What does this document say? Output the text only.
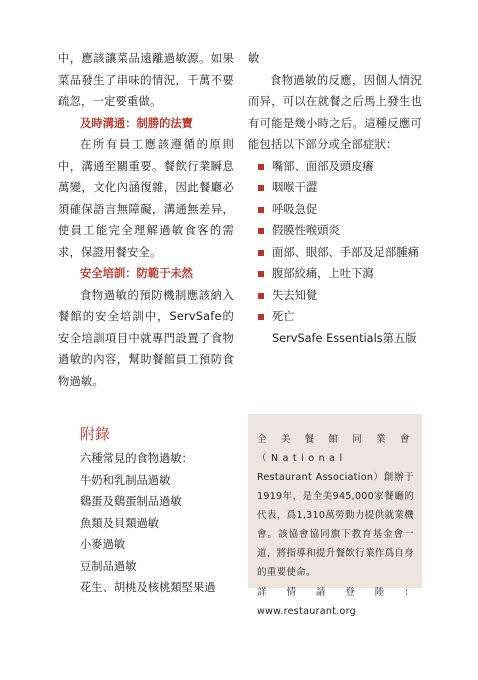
中，應該讓菜品遠離過敏源。如果菜品發生了串味的情況，千萬不要疏忽，一定要重做。

及時溝通：制勝的法寶

在所有員工應該遵循的原則中，溝通至關重要。餐飲行業瞬息萬變，文化內涵復雜，因此餐廳必須確保語言無障礙，溝通無差异，使員工能完全理解過敏食客的需求，保證用餐安全。

安全培訓：防範于未然

食物過敏的預防機制應該納入餐館的安全培訓中，ServSafe的安全培訓項目中就專門設置了食物過敏的內容，幫助餐館員工預防食物過敏。

敏

食物過敏的反應，因個人情況而异，可以在就餐之后馬上發生也有可能是幾小時之后。這種反應可能包括以下部分或全部症狀：

嘴部、面部及頭皮癢
咽喉干澀
呼吸急促
假膜性喉頭炎
面部、眼部、手部及足部腫痛
腹部絞痛，上吐下瀉
失去知覺
死亡

ServSafe Essentials第五版

附錄

六種常見的食物過敏：

牛奶和乳制品過敏

鷄蛋及鷄蛋制品過敏

魚類及貝類過敏

小麥過敏

豆制品過敏

花生、胡桃及核桃類堅果過

全美餐館同業會（National

Restaurant Association）創辦于1919年，是全美945,000家餐廳的代表，爲1,310萬勞動力提供就業機會。該協會協同旗下教育基金會一道，將指導和提升餐飲行業作爲自身的重要使命。

詳情請登陸：www.restaurant.org
